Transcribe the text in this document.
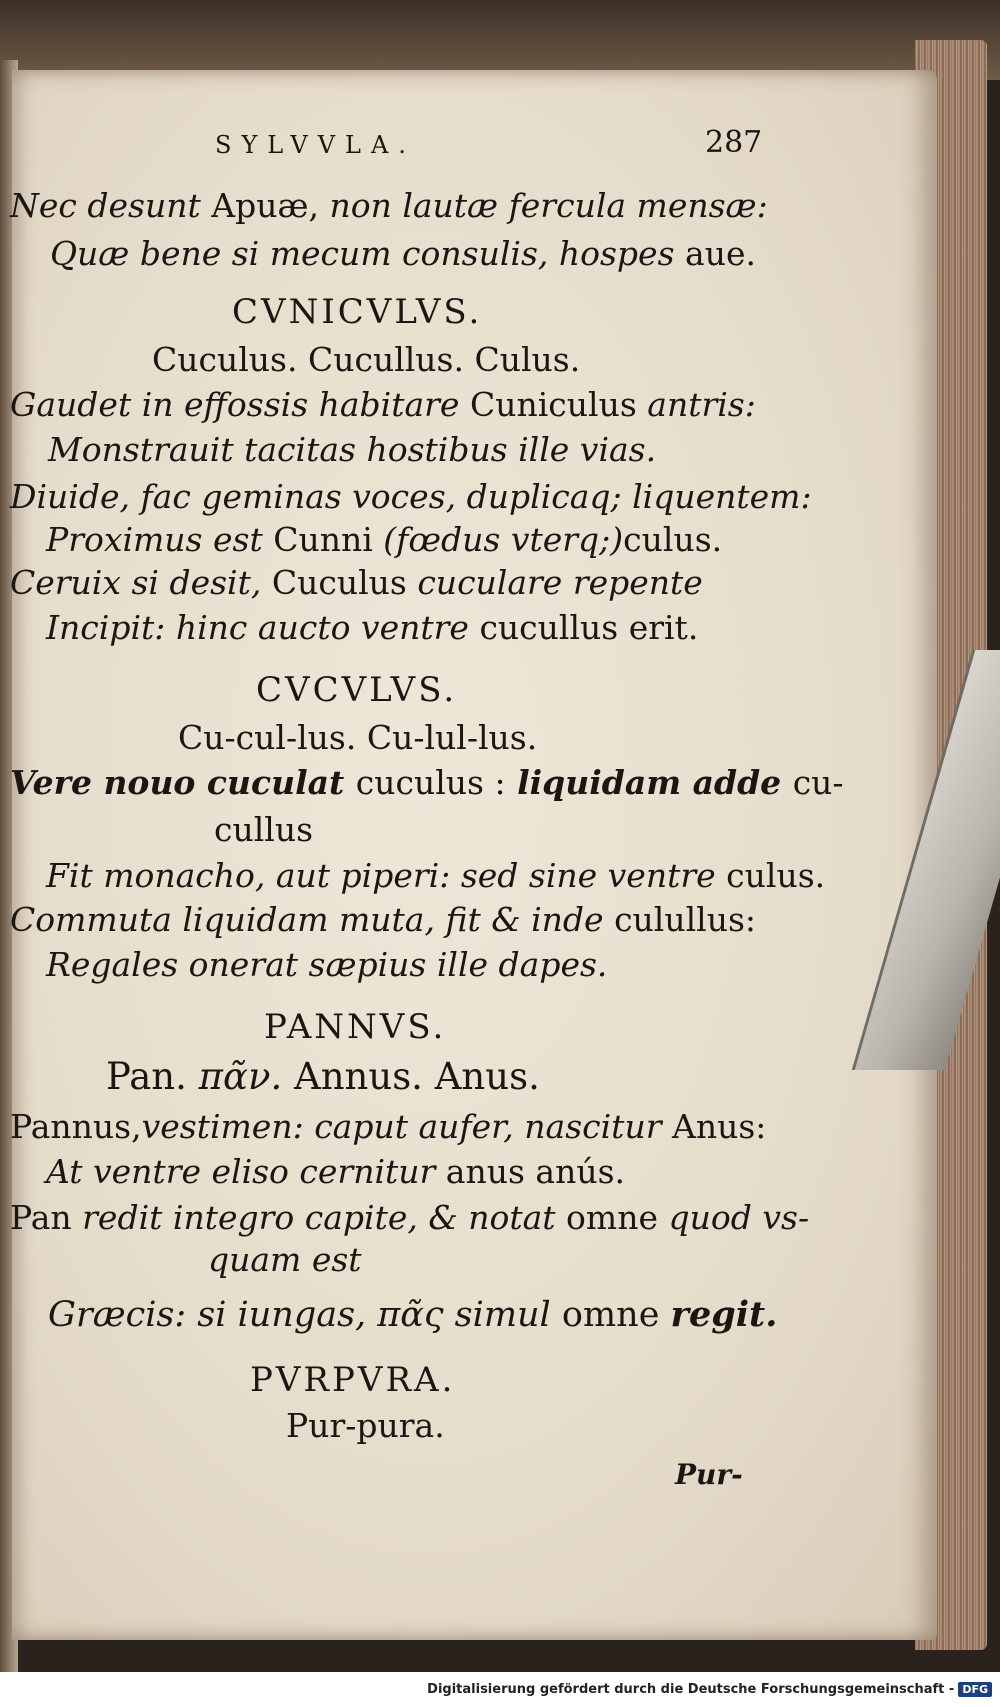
SYLVVLA.	287
Nec desunt Apuæ, non lautæ fercula mensæ:
Quæ bene si mecum consulis, hospes aue.
CVNICVLVS.
Cuculus. Cucullus. Culus.
Gaudet in effossis habitare Cuniculus antris:
Monstrauit tacitas hostibus ille vias.
Diuide, fac geminas voces, duplicaq; liquentem:
Proximus est Cunni (fœdus vterq;)culus.
Ceruix si desit, Cuculus cuculare repente
Incipit: hinc aucto ventre cucullus erit.
CVCVLVS.
Cu-cul-lus. Cu-lul-lus.
Vere nouo cuculat cuculus : liquidam adde cu-
cullus
Fit monacho, aut piperi: sed sine ventre culus.
Commuta liquidam muta, fit & inde culullus:
Regales onerat sæpius ille dapes.
PANNVS.
Pan. πᾶν. Annus. Anus.
Pannus,vestimen: caput aufer, nascitur Anus:
At ventre eliso cernitur anus anús.
Pan redit integro capite, & notat omne quod vs-
quam est
Græcis: si iungas, πᾶς simul omne regit.
PVRPVRA.
Pur-pura.
Pur-
Digitalisierung gefördert durch die Deutsche Forschungsgemeinschaft - DFG
